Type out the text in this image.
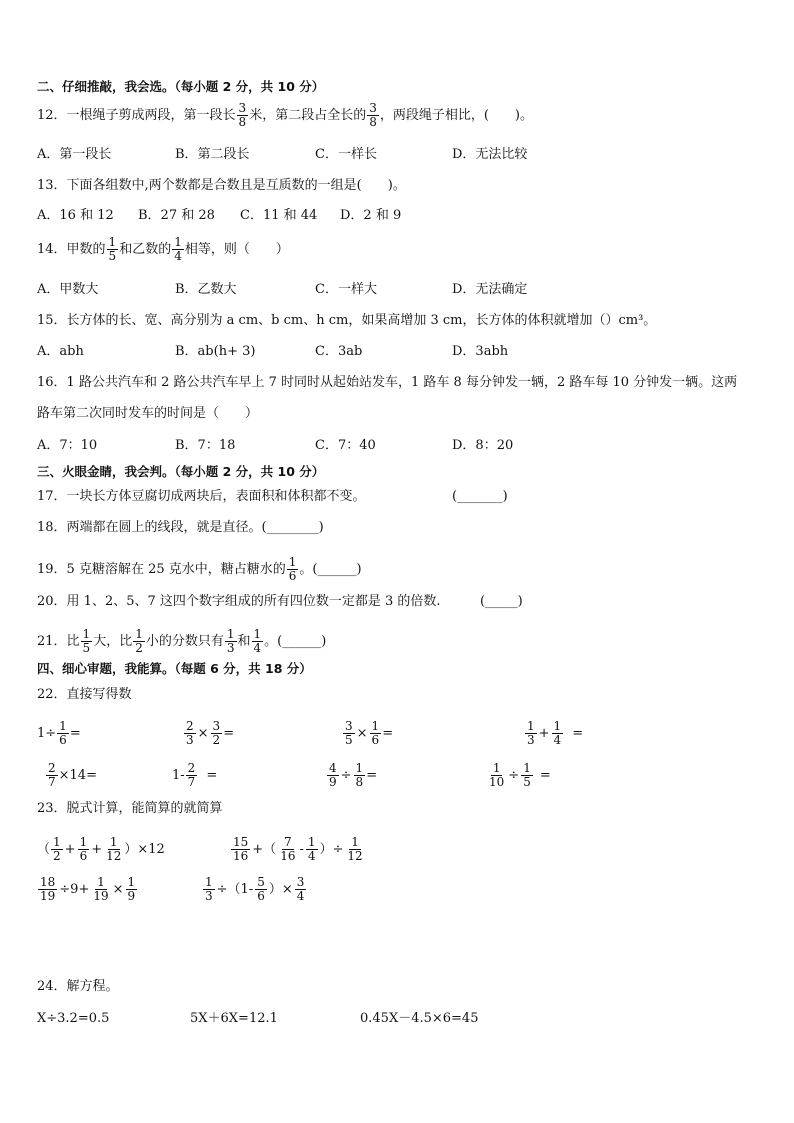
二、仔细推敲，我会选。（每小题 2 分，共 10 分）
12．一根绳子剪成两段，第一段长 $\frac{3}{8}$ 米，第二段占全长的 $\frac{3}{8}$ ，两段绳子相比，(　　)。
A．第一段长	B．第二段长	C．一样长	D．无法比较
13．下面各组数中,两个数都是合数且是互质数的一组是(　　)。
A．16 和 12 B．27 和 28 C．11 和 44 D．2 和 9
14．甲数的 $\frac{1}{5}$ 和乙数的 $\frac{1}{4}$ 相等，则（　　）
A．甲数大	B．乙数大	C．一样大	D．无法确定
15．长方体的长、宽、高分别为 a cm、b cm、h cm，如果高增加 3 cm，长方体的体积就增加（）cm³。
A．abh	B．ab(h+ 3)	C．3ab	D．3abh
16．1 路公共汽车和 2 路公共汽车早上 7 时同时从起始站发车，1 路车 8 每分钟发一辆，2 路车每 10 分钟发一辆。这两
路车第二次同时发车的时间是（　　）
A．7：10	B．7：18	C．7：40	D．8：20
三、火眼金睛，我会判。（每小题 2 分，共 10 分）
17．一块长方体豆腐切成两块后，表面积和体积都不变。	(_______)
18．两端都在圆上的线段，就是直径。(________)
19．5 克糖溶解在 25 克水中，糖占糖水的 $\frac{1}{6}$ 。(______)
20．用 1、2、5、7 这四个数字组成的所有四位数一定都是 3 的倍数.	(_____)
21．比 $\frac{1}{5}$ 大，比 $\frac{1}{2}$ 小的分数只有 $\frac{1}{3}$ 和 $\frac{1}{4}$ 。(______)
四、细心审题，我能算。（每题 6 分，共 18 分）
22．直接写得数
$1\div \frac{1}{6}$ =	$\frac{2}{3} \times \frac{3}{2}$ =	$\frac{3}{5} \times \frac{1}{6}$ =	$\frac{1}{3} + \frac{1}{4}$ =
$\frac{2}{7} \times 14=$	$1- \frac{2}{7}$ =	$\frac{4}{9} \div \frac{1}{8}$ =	$\frac{1}{10} \div \frac{1}{5}$ =
23．脱式计算，能简算的就简算
（ $\frac{1}{2} + \frac{1}{6} + \frac{1}{12} )\times 12$	$\frac{15}{16}$ +（ $\frac{7}{16} - \frac{1}{4}$ ）÷ $\frac{1}{12}$
$\frac{18}{19} \div 9+ \frac{1}{19} \times \frac{1}{9}$	$\frac{1}{3} \div(1- \frac{5}{6}$ ）× $\frac{3}{4}$
24．解方程。
X÷3.2=0.5	5X＋6X=12.1	0.45X－4.5×6=45
